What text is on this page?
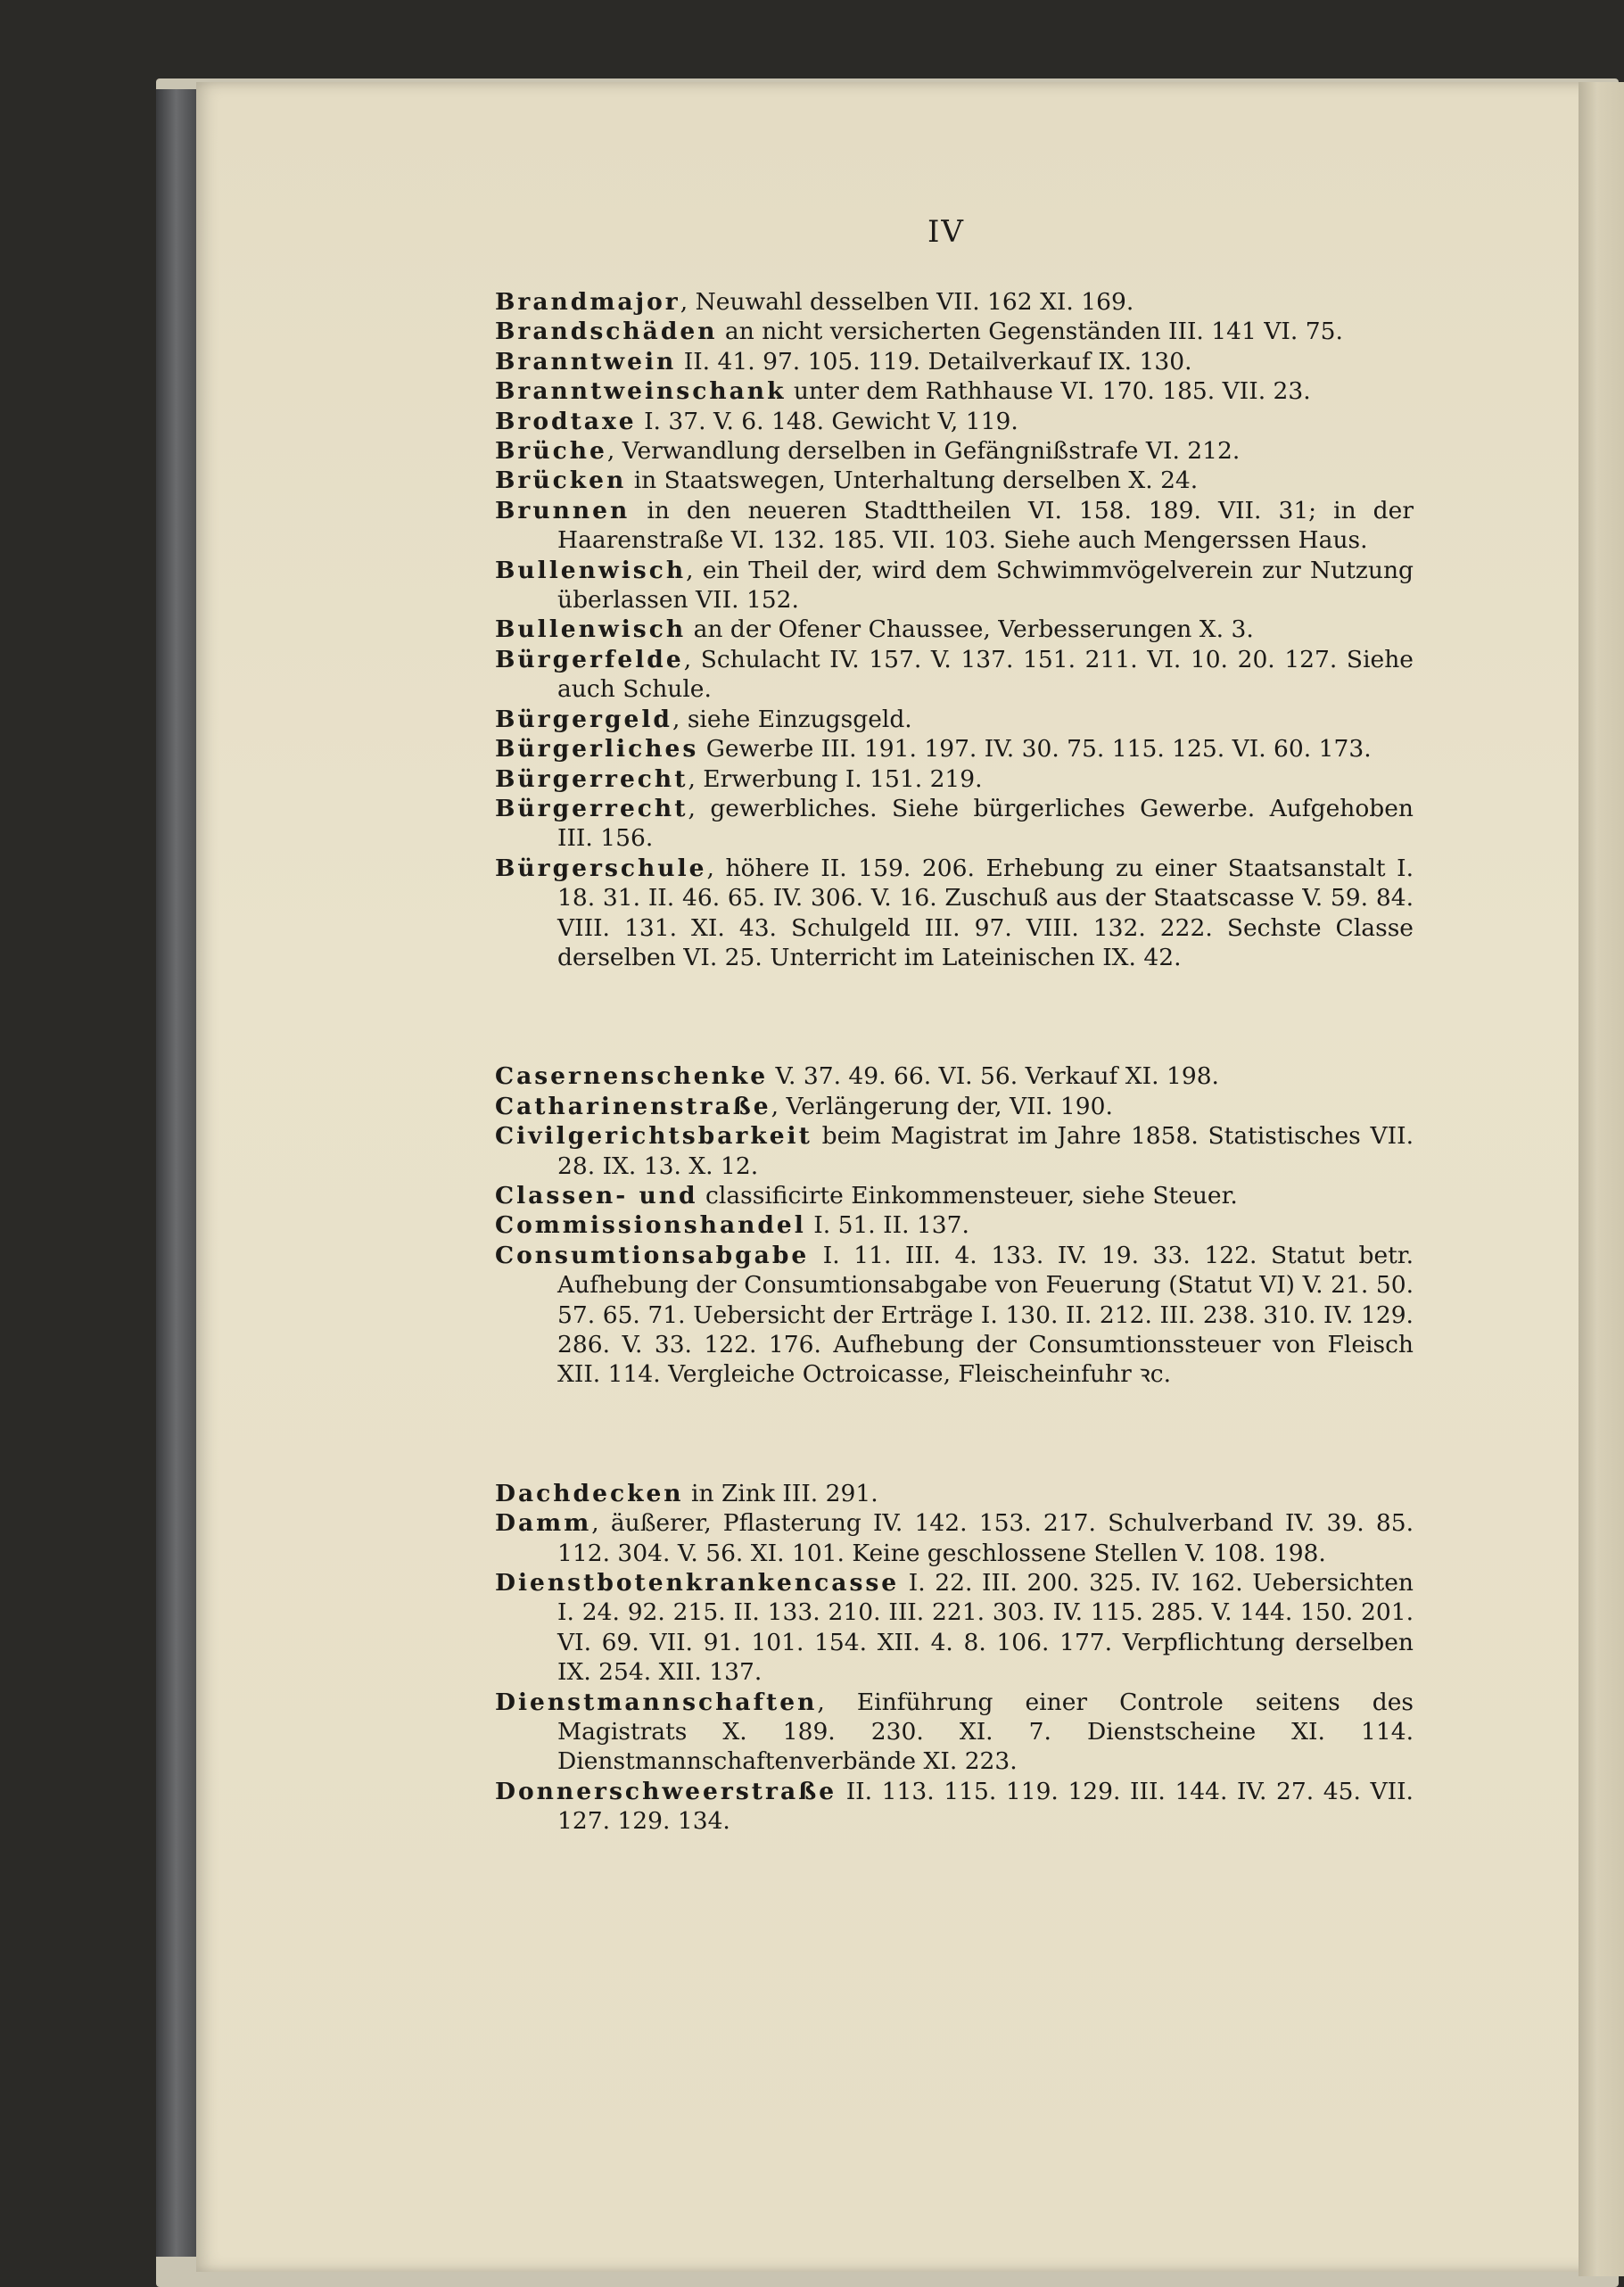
IV

Brandmajor, Neuwahl desselben VII. 162 XI. 169.

Brandschäden an nicht versicherten Gegenständen III. 141 VI. 75.

Branntwein II. 41. 97. 105. 119. Detailverkauf IX. 130.

Branntweinschank unter dem Rathhause VI. 170. 185. VII. 23.

Brodtaxe I. 37. V. 6. 148. Gewicht V, 119.

Brüche, Verwandlung derselben in Gefängnißstrafe VI. 212.

Brücken in Staatswegen, Unterhaltung derselben X. 24.

Brunnen in den neueren Stadttheilen VI. 158. 189. VII. 31; in der Haarenstraße VI. 132. 185. VII. 103. Siehe auch Mengerssen Haus.

Bullenwisch, ein Theil der, wird dem Schwimmvögelverein zur Nutzung überlassen VII. 152.

Bullenwisch an der Ofener Chaussee, Verbesserungen X. 3.

Bürgerfelde, Schulacht IV. 157. V. 137. 151. 211. VI. 10. 20. 127. Siehe auch Schule.

Bürgergeld, siehe Einzugsgeld.

Bürgerliches Gewerbe III. 191. 197. IV. 30. 75. 115. 125. VI. 60. 173.

Bürgerrecht, Erwerbung I. 151. 219.

Bürgerrecht, gewerbliches. Siehe bürgerliches Gewerbe. Aufgehoben III. 156.

Bürgerschule, höhere II. 159. 206. Erhebung zu einer Staatsanstalt I. 18. 31. II. 46. 65. IV. 306. V. 16. Zuschuß aus der Staatscasse V. 59. 84. VIII. 131. XI. 43. Schulgeld III. 97. VIII. 132. 222. Sechste Classe derselben VI. 25. Unterricht im Lateinischen IX. 42.

Casernenschenke V. 37. 49. 66. VI. 56. Verkauf XI. 198.

Catharinenstraße, Verlängerung der, VII. 190.

Civilgerichtsbarkeit beim Magistrat im Jahre 1858. Statistisches VII. 28. IX. 13. X. 12.

Classen- und classificirte Einkommensteuer, siehe Steuer.

Commissionshandel I. 51. II. 137.

Consumtionsabgabe I. 11. III. 4. 133. IV. 19. 33. 122. Statut betr. Aufhebung der Consumtionsabgabe von Feuerung (Statut VI) V. 21. 50. 57. 65. 71. Uebersicht der Erträge I. 130. II. 212. III. 238. 310. IV. 129. 286. V. 33. 122. 176. Aufhebung der Consumtionssteuer von Fleisch XII. 114. Vergleiche Octroicasse, Fleischeinfuhr ꝛc.

Dachdecken in Zink III. 291.

Damm, äußerer, Pflasterung IV. 142. 153. 217. Schulverband IV. 39. 85. 112. 304. V. 56. XI. 101. Keine geschlossene Stellen V. 108. 198.

Dienstbotenkrankencasse I. 22. III. 200. 325. IV. 162. Uebersichten I. 24. 92. 215. II. 133. 210. III. 221. 303. IV. 115. 285. V. 144. 150. 201. VI. 69. VII. 91. 101. 154. XII. 4. 8. 106. 177. Verpflichtung derselben IX. 254. XII. 137.

Dienstmannschaften, Einführung einer Controle seitens des Magistrats X. 189. 230. XI. 7. Dienstscheine XI. 114. Dienstmannschaftenverbände XI. 223.

Donnerschweerstraße II. 113. 115. 119. 129. III. 144. IV. 27. 45. VII. 127. 129. 134.
